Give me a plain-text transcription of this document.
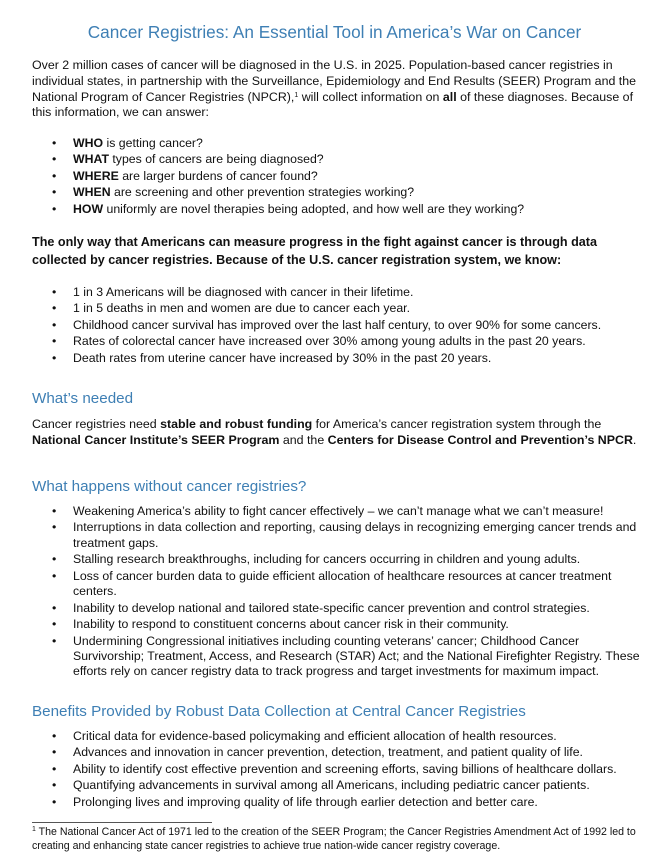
Cancer Registries: An Essential Tool in America’s War on Cancer

Over 2 million cases of cancer will be diagnosed in the U.S. in 2025. Population-based cancer registries in individual states, in partnership with the Surveillance, Epidemiology and End Results (SEER) Program and the National Program of Cancer Registries (NPCR),$^1$ will collect information on all of these diagnoses. Because of this information, we can answer:

• WHO is getting cancer?
• WHAT types of cancers are being diagnosed?
• WHERE are larger burdens of cancer found?
• WHEN are screening and other prevention strategies working?
• HOW uniformly are novel therapies being adopted, and how well are they working?

The only way that Americans can measure progress in the fight against cancer is through data collected by cancer registries. Because of the U.S. cancer registration system, we know:

• 1 in 3 Americans will be diagnosed with cancer in their lifetime.
• 1 in 5 deaths in men and women are due to cancer each year.
• Childhood cancer survival has improved over the last half century, to over 90% for some cancers.
• Rates of colorectal cancer have increased over 30% among young adults in the past 20 years.
• Death rates from uterine cancer have increased by 30% in the past 20 years.
What’s needed

Cancer registries need stable and robust funding for America’s cancer registration system through the National Cancer Institute’s SEER Program and the Centers for Disease Control and Prevention’s NPCR.

What happens without cancer registries?
• Weakening America’s ability to fight cancer effectively – we can’t manage what we can’t measure!
• Interruptions in data collection and reporting, causing delays in recognizing emerging cancer trends and treatment gaps.
• Stalling research breakthroughs, including for cancers occurring in children and young adults.
• Loss of cancer burden data to guide efficient allocation of healthcare resources at cancer treatment centers.
• Inability to develop national and tailored state-specific cancer prevention and control strategies.
• Inability to respond to constituent concerns about cancer risk in their community.
• Undermining Congressional initiatives including counting veterans’ cancer; Childhood Cancer Survivorship; Treatment, Access, and Research (STAR) Act; and the National Firefighter Registry. These efforts rely on cancer registry data to track progress and target investments for maximum impact.
Benefits Provided by Robust Data Collection at Central Cancer Registries
• Critical data for evidence-based policymaking and efficient allocation of health resources.
• Advances and innovation in cancer prevention, detection, treatment, and patient quality of life.
• Ability to identify cost effective prevention and screening efforts, saving billions of healthcare dollars.
• Quantifying advancements in survival among all Americans, including pediatric cancer patients.
• Prolonging lives and improving quality of life through earlier detection and better care.
$^1$ The National Cancer Act of 1971 led to the creation of the SEER Program; the Cancer Registries Amendment Act of 1992 led to creating and enhancing state cancer registries to achieve true nation-wide cancer registry coverage.
